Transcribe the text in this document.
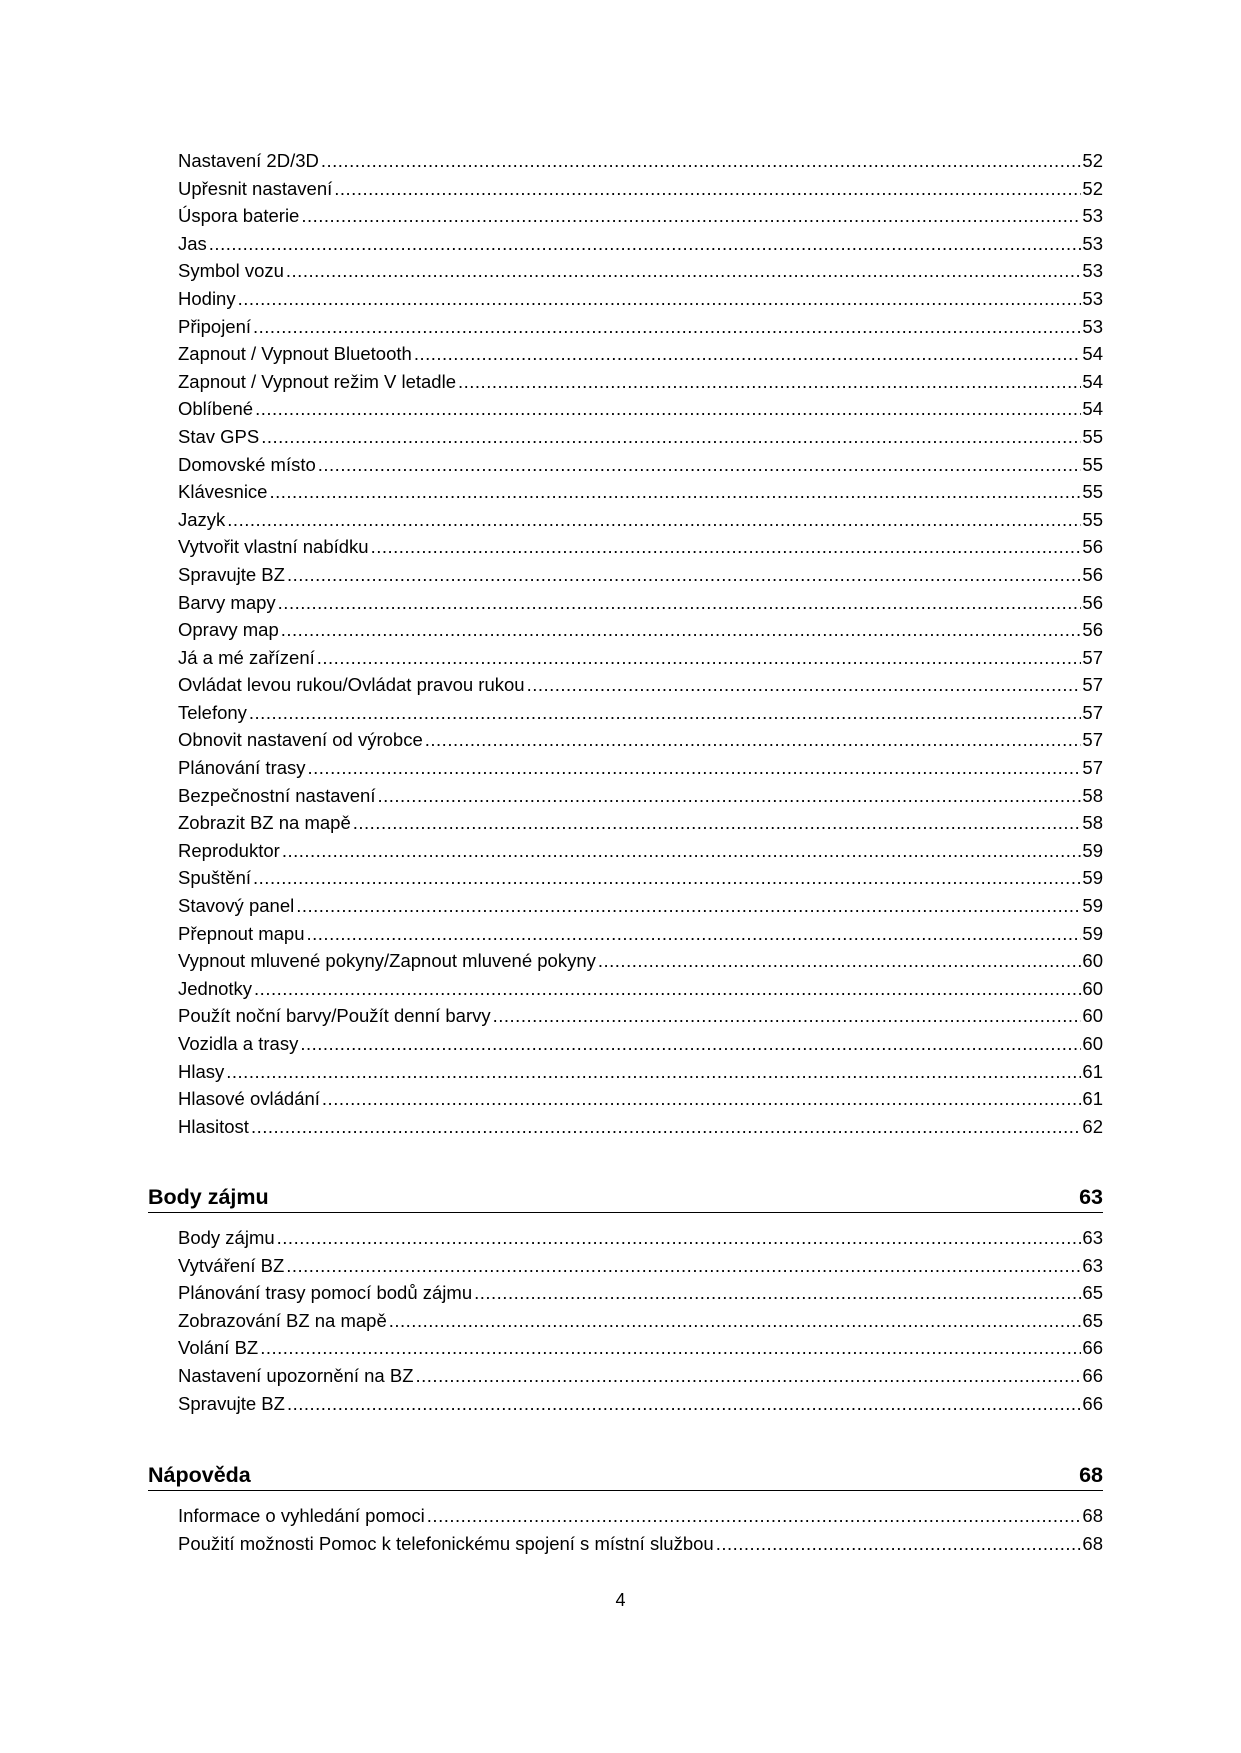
Nastavení 2D/3D .....	52
Upřesnit nastavení .....	52
Úspora baterie .....	53
Jas .....	53
Symbol vozu .....	53
Hodiny .....	53
Připojení .....	53
Zapnout / Vypnout Bluetooth .....	54
Zapnout / Vypnout režim V letadle .....	54
Oblíbené .....	54
Stav GPS .....	55
Domovské místo .....	55
Klávesnice .....	55
Jazyk .....	55
Vytvořit vlastní nabídku .....	56
Spravujte BZ .....	56
Barvy mapy .....	56
Opravy map .....	56
Já a mé zařízení .....	57
Ovládat levou rukou/Ovládat pravou rukou .....	57
Telefony .....	57
Obnovit nastavení od výrobce .....	57
Plánování trasy .....	57
Bezpečnostní nastavení .....	58
Zobrazit BZ na mapě .....	58
Reproduktor .....	59
Spuštění .....	59
Stavový panel .....	59
Přepnout mapu .....	59
Vypnout mluvené pokyny/Zapnout mluvené pokyny .....	60
Jednotky .....	60
Použít noční barvy/Použít denní barvy .....	60
Vozidla a trasy .....	60
Hlasy .....	61
Hlasové ovládání .....	61
Hlasitost .....	62
Body zájmu	63
Body zájmu .....	63
Vytváření BZ .....	63
Plánování trasy pomocí bodů zájmu .....	65
Zobrazování BZ na mapě .....	65
Volání BZ .....	66
Nastavení upozornění na BZ .....	66
Spravujte BZ .....	66
Nápověda	68
Informace o vyhledání pomoci .....	68
Použití možnosti Pomoc k telefonickému spojení s místní službou .....	68
4
